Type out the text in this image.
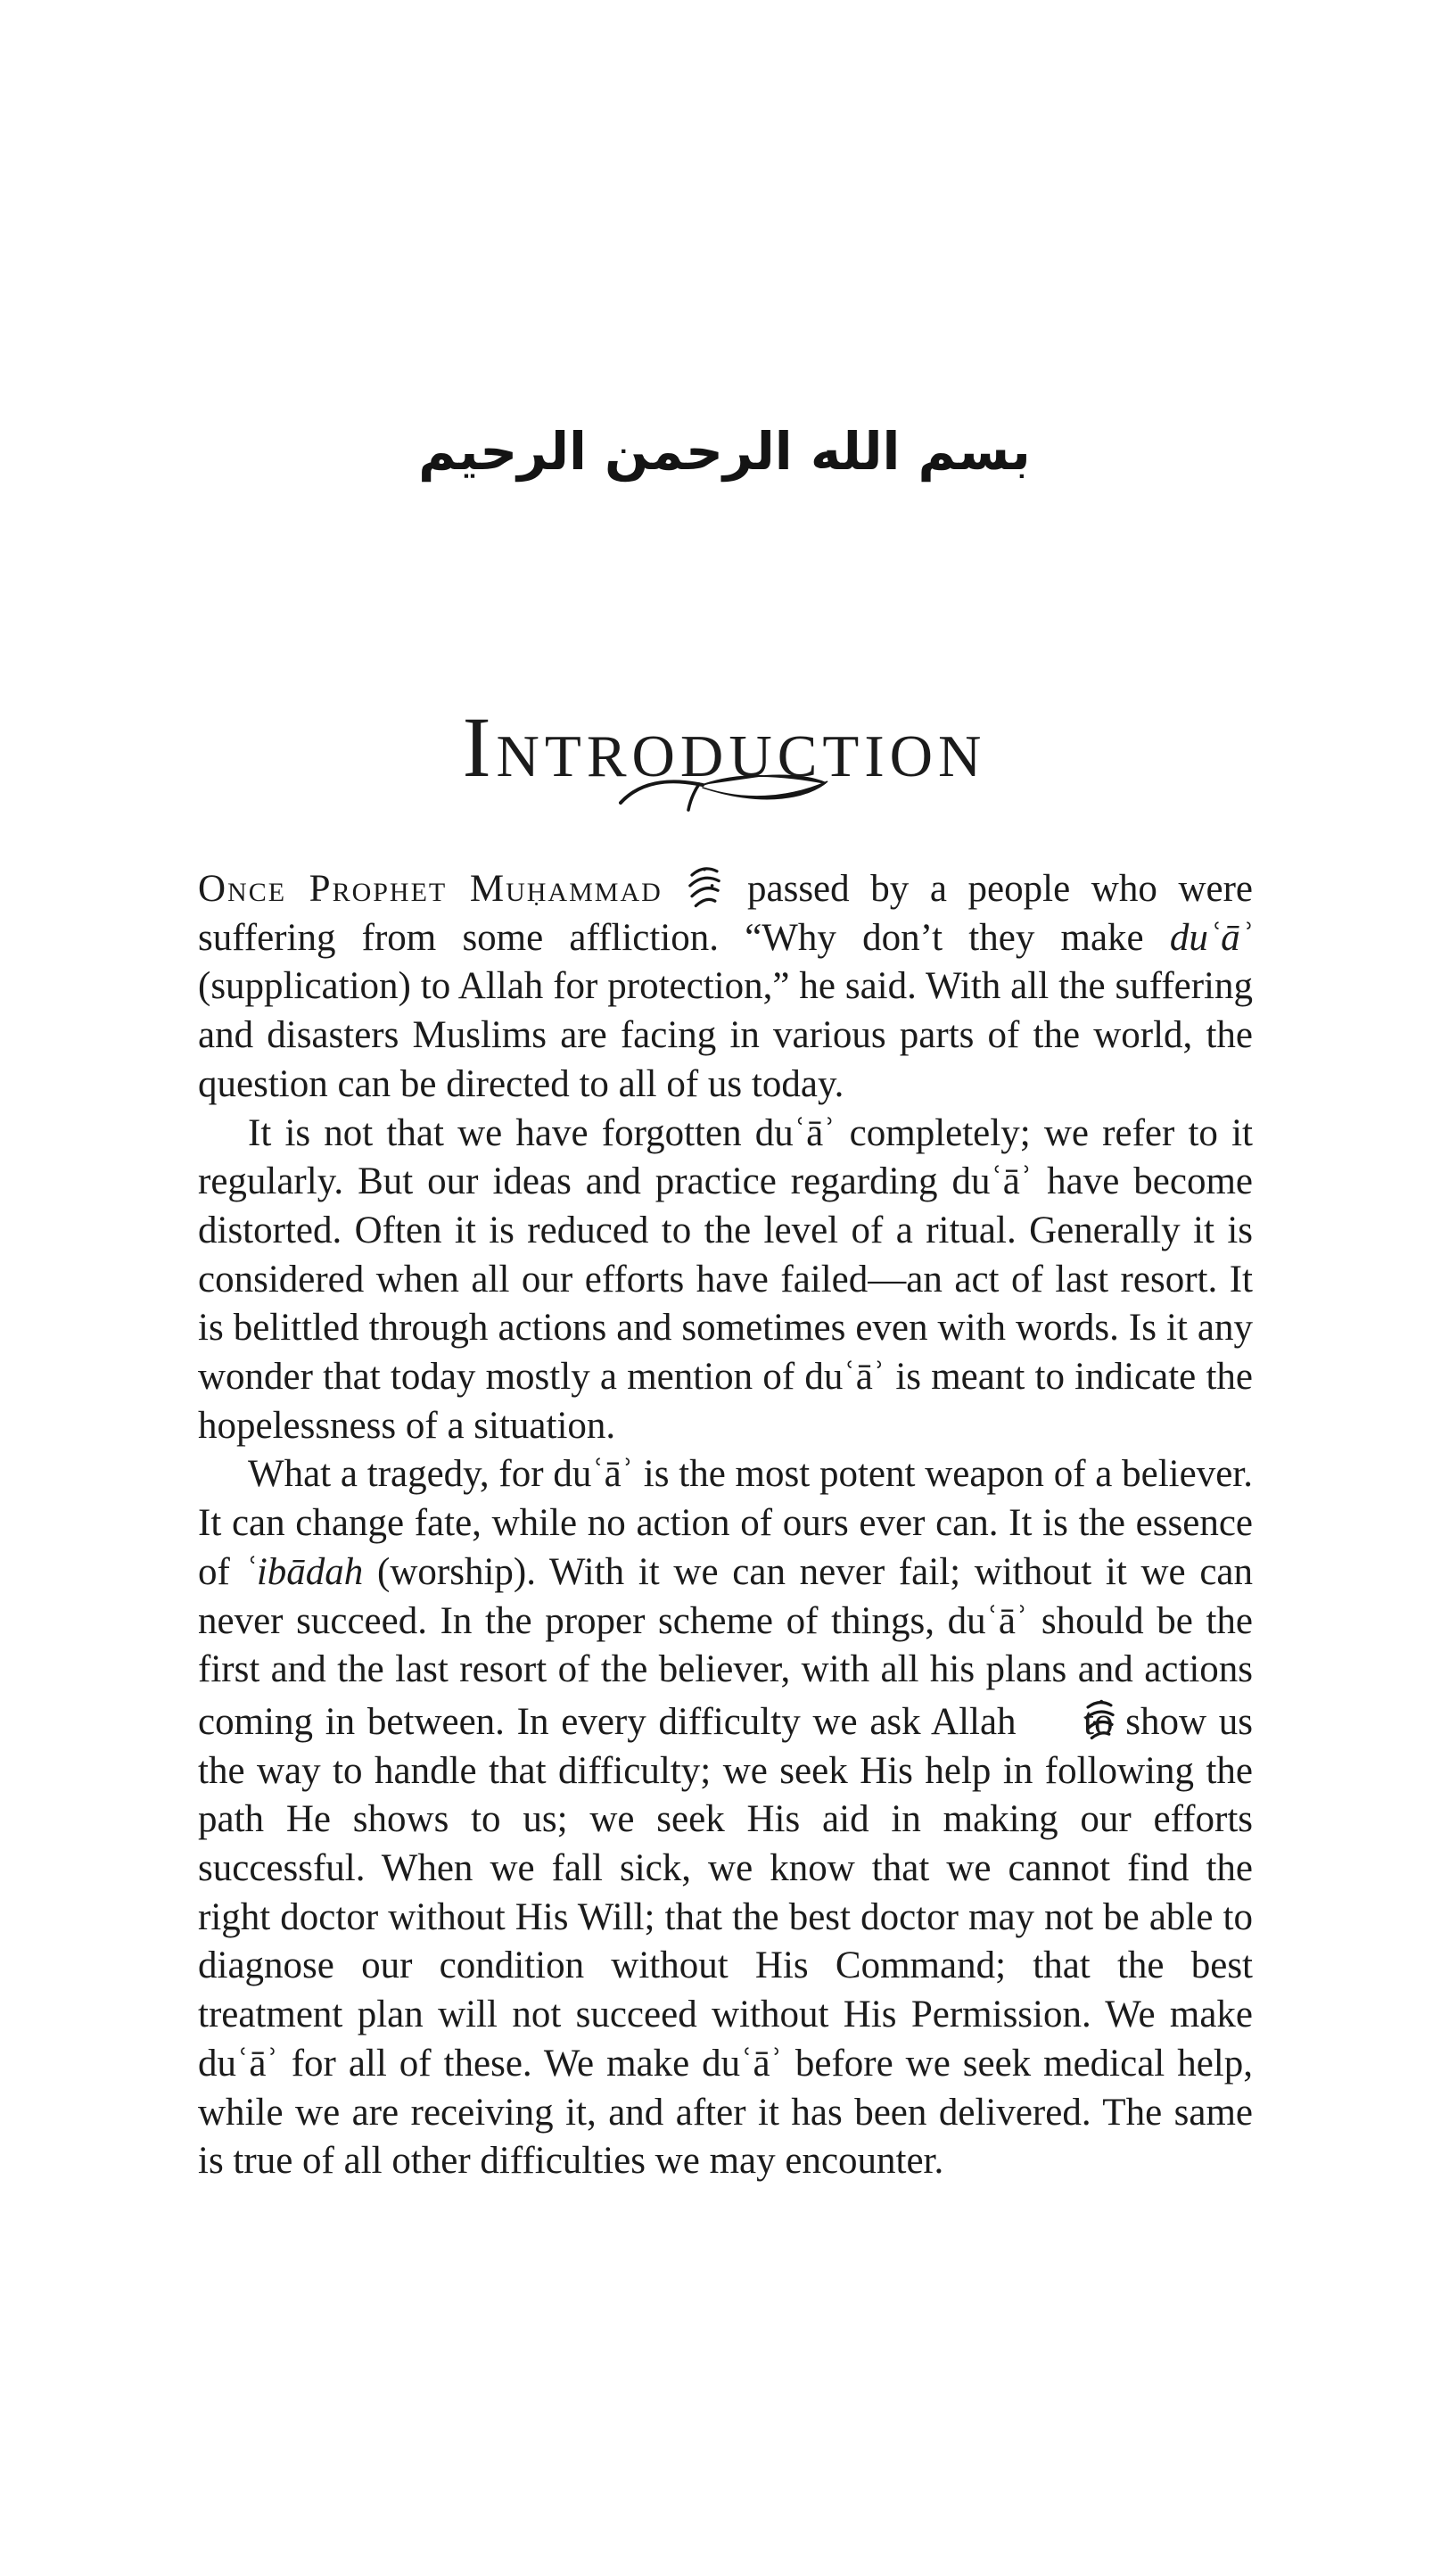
بسم الله الرحمن الرحيم
Introduction

Once Prophet Muḥammad  passed by a people who were suffering from some affliction. “Why don’t they make duʿāʾ (supplication) to Allah for protection,” he said. With all the suffering and disasters Muslims are facing in various parts of the world, the question can be directed to all of us today.

It is not that we have forgotten duʿāʾ completely; we refer to it regularly. But our ideas and practice regarding duʿāʾ have become distorted. Often it is reduced to the level of a ritual. Generally it is considered when all our efforts have failed—an act of last resort. It is belittled through actions and sometimes even with words. Is it any wonder that today mostly a mention of duʿāʾ is meant to indicate the hopelessness of a situation.

What a tragedy, for duʿāʾ is the most potent weapon of a believer. It can change fate, while no action of ours ever can. It is the essence of ʿibādah (worship). With it we can never fail; without it we can never succeed. In the proper scheme of things, duʿāʾ should be the first and the last resort of the believer, with all his plans and actions coming in between. In every difficulty we ask Allah  to show us the way to handle that difficulty; we seek His help in following the path He shows to us; we seek His aid in making our efforts successful. When we fall sick, we know that we cannot find the right doctor without His Will; that the best doctor may not be able to diagnose our condition without His Command; that the best treatment plan will not succeed without His Permission. We make duʿāʾ for all of these. We make duʿāʾ before we seek medical help, while we are receiving it, and after it has been delivered. The same is true of all other difficulties we may encounter.
